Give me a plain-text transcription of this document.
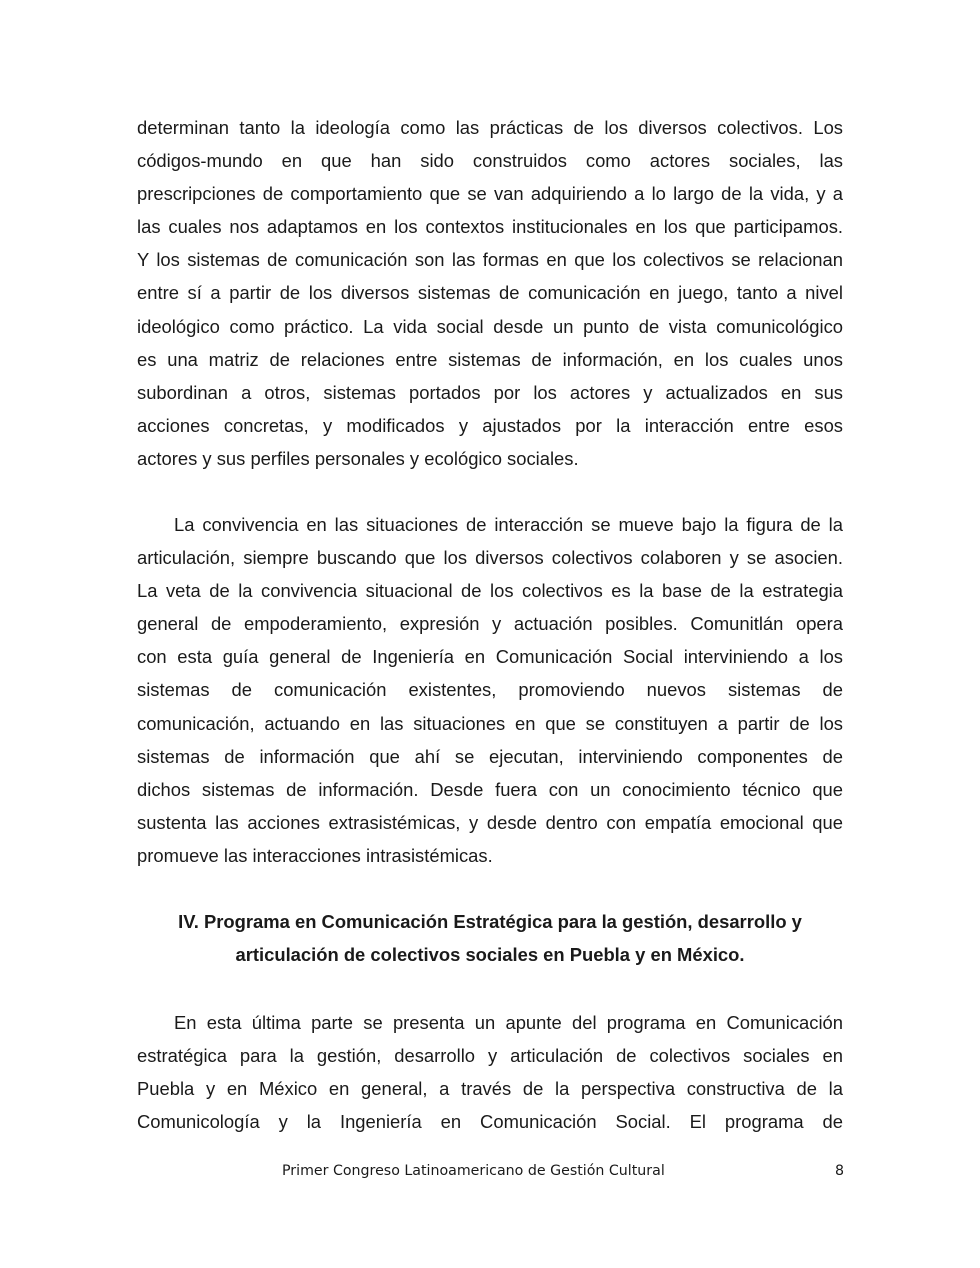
determinan tanto la ideología como las prácticas de los diversos colectivos. Los
códigos-mundo en que han sido construidos como actores sociales, las
prescripciones de comportamiento que se van adquiriendo a lo largo de la vida, y a
las cuales nos adaptamos en los contextos institucionales en los que participamos.
Y los sistemas de comunicación son las formas en que los colectivos se relacionan
entre sí a partir de los diversos sistemas de comunicación en juego, tanto a nivel
ideológico como práctico. La vida social desde un punto de vista comunicológico
es una matriz de relaciones entre sistemas de información, en los cuales unos
subordinan a otros, sistemas portados por los actores y actualizados en sus
acciones concretas, y modificados y ajustados por la interacción entre esos
actores y sus perfiles personales y ecológico sociales.
La convivencia en las situaciones de interacción se mueve bajo la figura de la
articulación, siempre buscando que los diversos colectivos colaboren y se asocien.
La veta de la convivencia situacional de los colectivos es la base de la estrategia
general de empoderamiento, expresión y actuación posibles. Comunitlán opera
con esta guía general de Ingeniería en Comunicación Social interviniendo a los
sistemas de comunicación existentes, promoviendo nuevos sistemas de
comunicación, actuando en las situaciones en que se constituyen a partir de los
sistemas de información que ahí se ejecutan, interviniendo componentes de
dichos sistemas de información. Desde fuera con un conocimiento técnico que
sustenta las acciones extrasistémicas, y desde dentro con empatía emocional que
promueve las interacciones intrasistémicas.
IV. Programa en Comunicación Estratégica para la gestión, desarrollo y
articulación de colectivos sociales en Puebla y en México.
En esta última parte se presenta un apunte del programa en Comunicación
estratégica para la gestión, desarrollo y articulación de colectivos sociales en
Puebla y en México en general, a través de la perspectiva constructiva de la
Comunicología y la Ingeniería en Comunicación Social. El programa de
Primer Congreso Latinoamericano de Gestión Cultural	8
